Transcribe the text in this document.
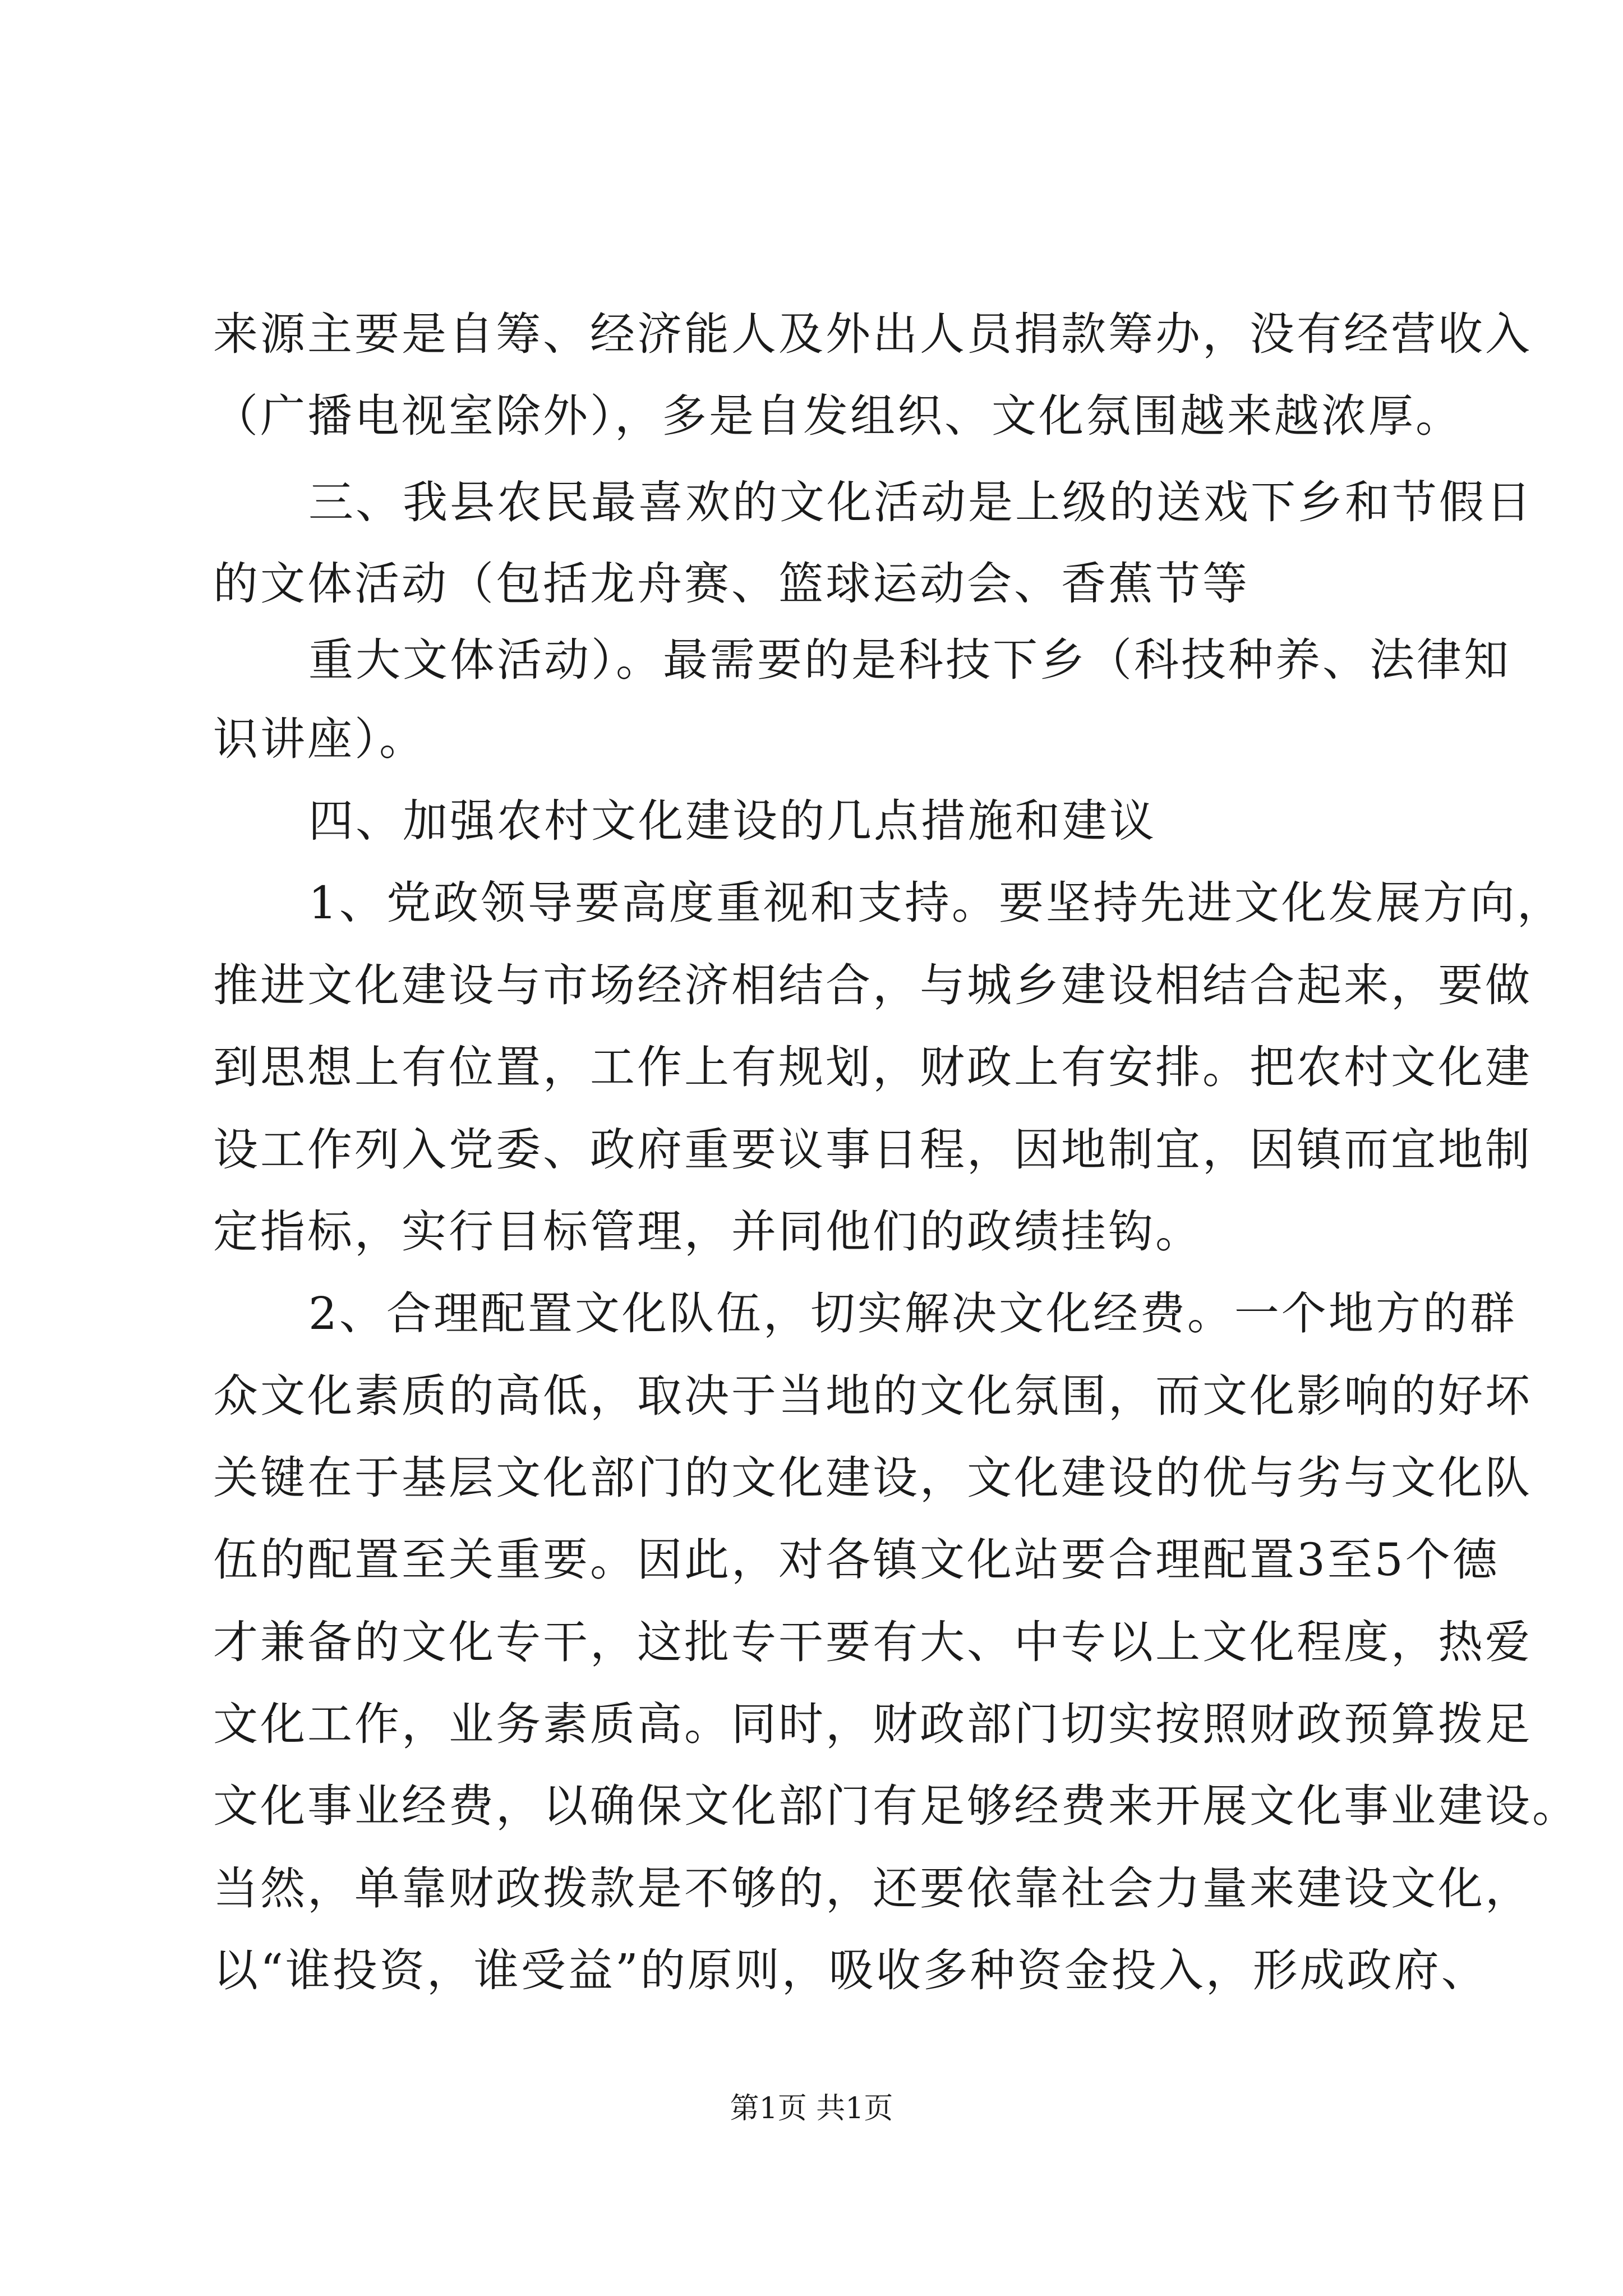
来源主要是自筹、经济能人及外出人员捐款筹办，没有经营收入
（广播电视室除外），多是自发组织、文化氛围越来越浓厚。
三、我县农民最喜欢的文化活动是上级的送戏下乡和节假日
的文体活动（包括龙舟赛、篮球运动会、香蕉节等
重大文体活动）。最需要的是科技下乡（科技种养、法律知
识讲座）。
四、加强农村文化建设的几点措施和建议
1、党政领导要高度重视和支持。要坚持先进文化发展方向，
推进文化建设与市场经济相结合，与城乡建设相结合起来，要做
到思想上有位置，工作上有规划，财政上有安排。把农村文化建
设工作列入党委、政府重要议事日程，因地制宜，因镇而宜地制
定指标，实行目标管理，并同他们的政绩挂钩。
2、合理配置文化队伍，切实解决文化经费。一个地方的群
众文化素质的高低，取决于当地的文化氛围，而文化影响的好坏
关键在于基层文化部门的文化建设，文化建设的优与劣与文化队
伍的配置至关重要。因此，对各镇文化站要合理配置3至5个德
才兼备的文化专干，这批专干要有大、中专以上文化程度，热爱
文化工作，业务素质高。同时，财政部门切实按照财政预算拨足
文化事业经费，以确保文化部门有足够经费来开展文化事业建设。
当然，单靠财政拨款是不够的，还要依靠社会力量来建设文化，
以“谁投资，谁受益”的原则，吸收多种资金投入，形成政府、
第1页 共1页
